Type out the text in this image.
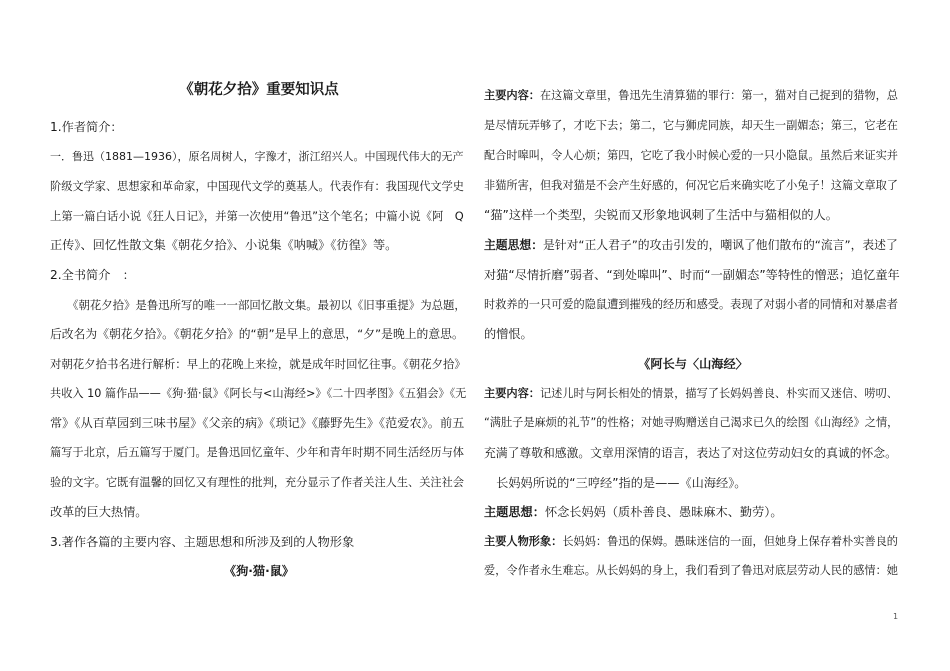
《朝花夕拾》重要知识点
1.作者简介：
一．鲁迅（1881—1936），原名周树人，字豫才，浙江绍兴人。中国现代伟大的无产
阶级文学家、思想家和革命家，中国现代文学的奠基人。代表作有：我国现代文学史
上第一篇白话小说《狂人日记》，并第一次使用“鲁迅”这个笔名；中篇小说《阿　Q
正传》、回忆性散文集《朝花夕拾》、小说集《呐喊》《彷徨》等。
2.全书简介　：
　　《朝花夕拾》是鲁迅所写的唯一一部回忆散文集。最初以《旧事重提》为总题，
后改名为《朝花夕拾》。《朝花夕拾》的“朝”是早上的意思，“夕”是晚上的意思。
对朝花夕拾书名进行解析：早上的花晚上来捡，就是成年时回忆往事。《朝花夕拾》
共收入 10 篇作品——《狗·猫·鼠》《阿长与<山海经>》《二十四孝图》《五猖会》《无
常》《从百草园到三味书屋》《父亲的病》《琐记》《藤野先生》《范爱农》。前五
篇写于北京，后五篇写于厦门。是鲁迅回忆童年、少年和青年时期不同生活经历与体
验的文字。它既有温馨的回忆又有理性的批判，充分显示了作者关注人生、关注社会
改革的巨大热情。
3.著作各篇的主要内容、主题思想和所涉及到的人物形象
《狗·猫·鼠》
主要内容：在这篇文章里，鲁迅先生清算猫的罪行：第一，猫对自己捉到的猎物，总
是尽情玩弄够了，才吃下去；第二，它与狮虎同族，却天生一副媚态；第三，它老在
配合时嗥叫，令人心烦；第四，它吃了我小时候心爱的一只小隐鼠。虽然后来证实并
非猫所害，但我对猫是不会产生好感的，何况它后来确实吃了小兔子！这篇文章取了
“猫”这样一个类型，尖锐而又形象地讽刺了生活中与猫相似的人。
主题思想：是针对“正人君子”的攻击引发的，嘲讽了他们散布的“流言”，表述了
对猫“尽情折磨”弱者、“到处嗥叫”、时而“一副媚态”等特性的憎恶；追忆童年
时救养的一只可爱的隐鼠遭到摧残的经历和感受。表现了对弱小者的同情和对暴虐者
的憎恨。
《阿长与〈山海经〉
主要内容：记述儿时与阿长相处的情景，描写了长妈妈善良、朴实而又迷信、唠叨、
“满肚子是麻烦的礼节”的性格；对她寻购赠送自己渴求已久的绘图《山海经》之情，
充满了尊敬和感激。文章用深情的语言，表达了对这位劳动妇女的真诚的怀念。
　长妈妈所说的“三哼经”指的是——《山海经》。
主题思想：怀念长妈妈（质朴善良、愚昧麻木、勤劳）。
主要人物形象：长妈妈：鲁迅的保姆。愚昧迷信的一面，但她身上保存着朴实善良的
爱，令作者永生难忘。从长妈妈的身上，我们看到了鲁迅对底层劳动人民的感情：她
1
